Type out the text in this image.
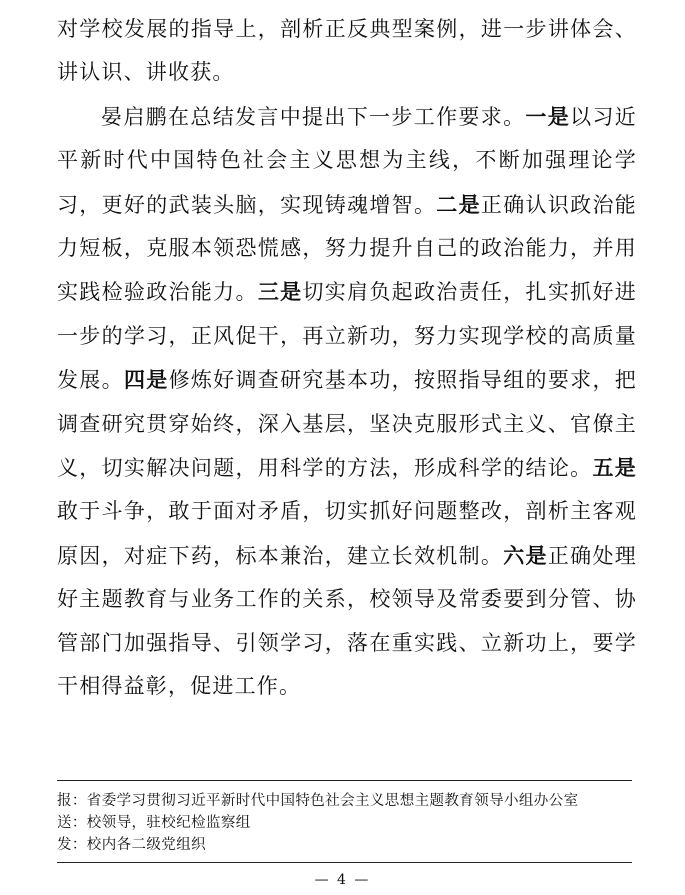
对学校发展的指导上，剖析正反典型案例，进一步讲体会、讲认识、讲收获。

晏启鹏在总结发言中提出下一步工作要求。一是以习近平新时代中国特色社会主义思想为主线，不断加强理论学习，更好的武装头脑，实现铸魂增智。二是正确认识政治能力短板，克服本领恐慌感，努力提升自己的政治能力，并用实践检验政治能力。三是切实肩负起政治责任，扎实抓好进一步的学习，正风促干，再立新功，努力实现学校的高质量发展。四是修炼好调查研究基本功，按照指导组的要求，把调查研究贯穿始终，深入基层，坚决克服形式主义、官僚主义，切实解决问题，用科学的方法，形成科学的结论。五是敢于斗争，敢于面对矛盾，切实抓好问题整改，剖析主客观原因，对症下药，标本兼治，建立长效机制。六是正确处理好主题教育与业务工作的关系，校领导及常委要到分管、协管部门加强指导、引领学习，落在重实践、立新功上，要学干相得益彰，促进工作。

报：省委学习贯彻习近平新时代中国特色社会主义思想主题教育领导小组办公室
送：校领导，驻校纪检监察组
发：校内各二级党组织
— 4 —
